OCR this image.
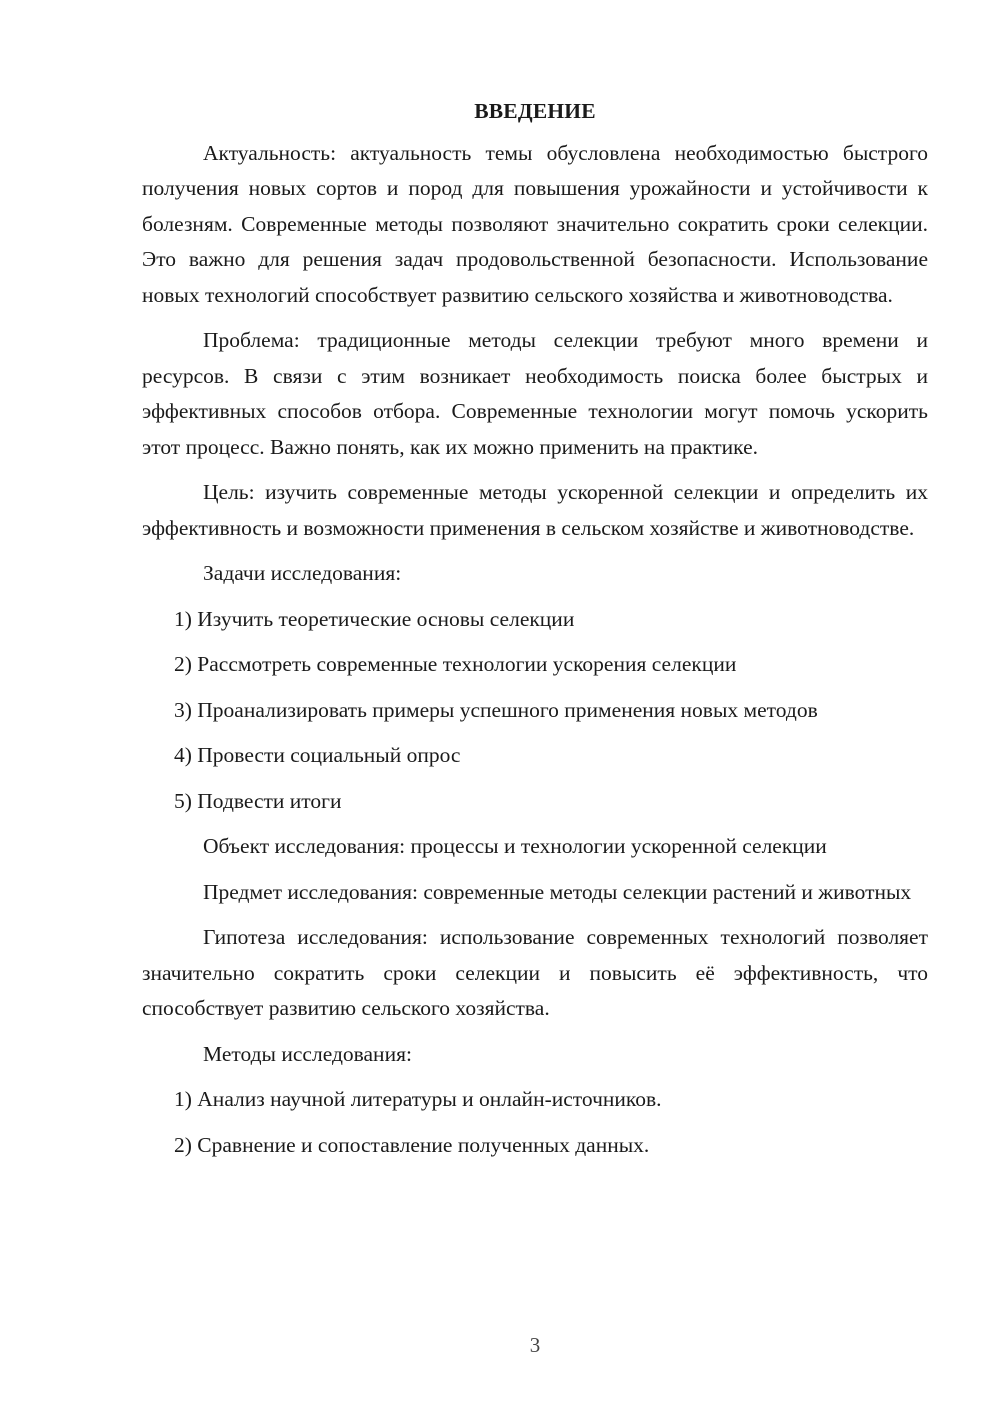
ВВЕДЕНИЕ

Актуальность: актуальность темы обусловлена необходимостью быстрого получения новых сортов и пород для повышения урожайности и устойчивости к болезням. Современные методы позволяют значительно сократить сроки селекции. Это важно для решения задач продовольственной безопасности. Использование новых технологий способствует развитию сельского хозяйства и животноводства.

Проблема: традиционные методы селекции требуют много времени и ресурсов. В связи с этим возникает необходимость поиска более быстрых и эффективных способов отбора. Современные технологии могут помочь ускорить этот процесс. Важно понять, как их можно применить на практике.

Цель: изучить современные методы ускоренной селекции и определить их эффективность и возможности применения в сельском хозяйстве и животноводстве.

Задачи исследования:

1) Изучить теоретические основы селекции
2) Рассмотреть современные технологии ускорения селекции
3) Проанализировать примеры успешного применения новых методов
4) Провести социальный опрос
5) Подвести итоги

Объект исследования: процессы и технологии ускоренной селекции

Предмет исследования: современные методы селекции растений и животных

Гипотеза исследования: использование современных технологий позволяет значительно сократить сроки селекции и повысить её эффективность, что способствует развитию сельского хозяйства.

Методы исследования:

1) Анализ научной литературы и онлайн-источников.
2) Сравнение и сопоставление полученных данных.
3
